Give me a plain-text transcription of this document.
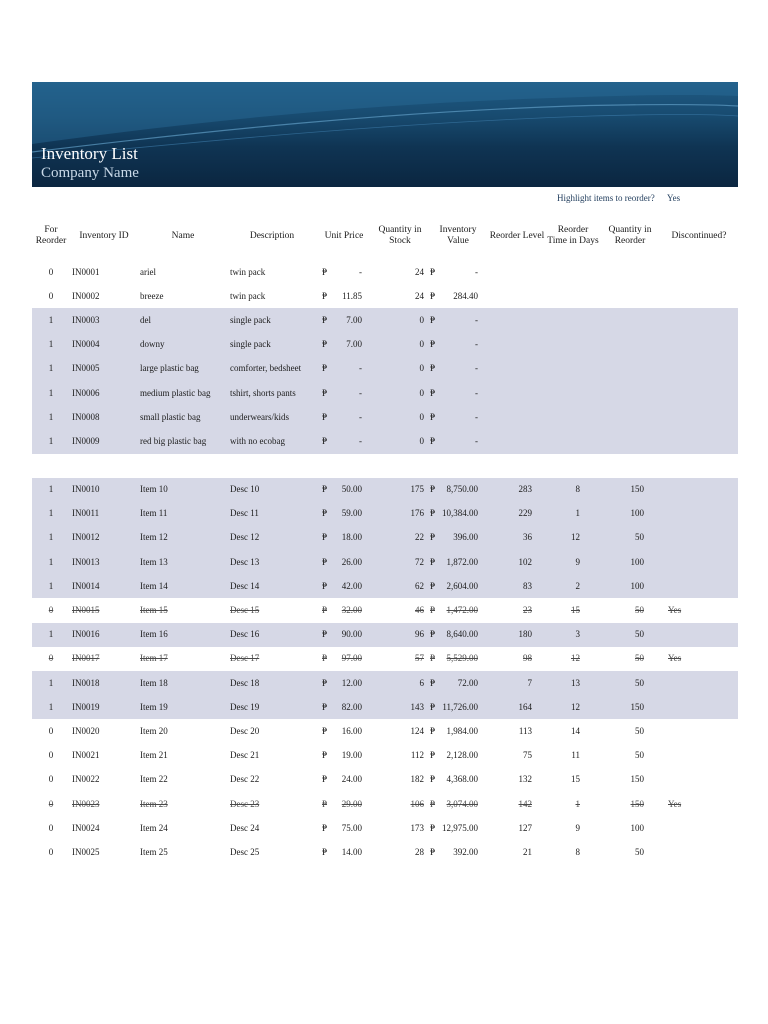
Inventory List
Company Name
Highlight items to reorder? Yes
For Reorder	Inventory ID	Name	Description	Unit Price	Quantity in Stock	Inventory Value	Reorder Level	Reorder Time in Days	Quantity in Reorder	Discontinued?
0	IN0001	ariel	twin pack	₱ -	24	₱ -				

0	IN0002	breeze	twin pack	₱ 11.85	24	₱ 284.40				

1	IN0003	del	single pack	₱ 7.00	0	₱ -				

1	IN0004	downy	single pack	₱ 7.00	0	₱ -				

1	IN0005	large plastic bag	comforter, bedsheet	₱ -	0	₱ -				

1	IN0006	medium plastic bag	tshirt, shorts pants	₱ -	0	₱ -				

1	IN0008	small plastic bag	underwears/kids	₱ -	0	₱ -				

1	IN0009	red big plastic bag	with no ecobag	₱ -	0	₱ -				

1	IN0010	Item 10	Desc 10	₱ 50.00	175	₱ 8,750.00	283	8	150	
1	IN0011	Item 11	Desc 11	₱ 59.00	176	₱ 10,384.00	229	1	100	
1	IN0012	Item 12	Desc 12	₱ 18.00	22	₱ 396.00	36	12	50	
1	IN0013	Item 13	Desc 13	₱ 26.00	72	₱ 1,872.00	102	9	100	
1	IN0014	Item 14	Desc 14	₱ 42.00	62	₱ 2,604.00	83	2	100	
0	IN0015	Item 15	Desc 15	₱ 32.00	46	₱ 1,472.00	23	15	50	Yes
1	IN0016	Item 16	Desc 16	₱ 90.00	96	₱ 8,640.00	180	3	50	
0	IN0017	Item 17	Desc 17	₱ 97.00	57	₱ 5,529.00	98	12	50	Yes
1	IN0018	Item 18	Desc 18	₱ 12.00	6	₱ 72.00	7	13	50	
1	IN0019	Item 19	Desc 19	₱ 82.00	143	₱ 11,726.00	164	12	150	
0	IN0020	Item 20	Desc 20	₱ 16.00	124	₱ 1,984.00	113	14	50	
0	IN0021	Item 21	Desc 21	₱ 19.00	112	₱ 2,128.00	75	11	50	
0	IN0022	Item 22	Desc 22	₱ 24.00	182	₱ 4,368.00	132	15	150	
0	IN0023	Item 23	Desc 23	₱ 29.00	106	₱ 3,074.00	142	1	150	Yes
0	IN0024	Item 24	Desc 24	₱ 75.00	173	₱ 12,975.00	127	9	100	
0	IN0025	Item 25	Desc 25	₱ 14.00	28	₱ 392.00	21	8	50	
